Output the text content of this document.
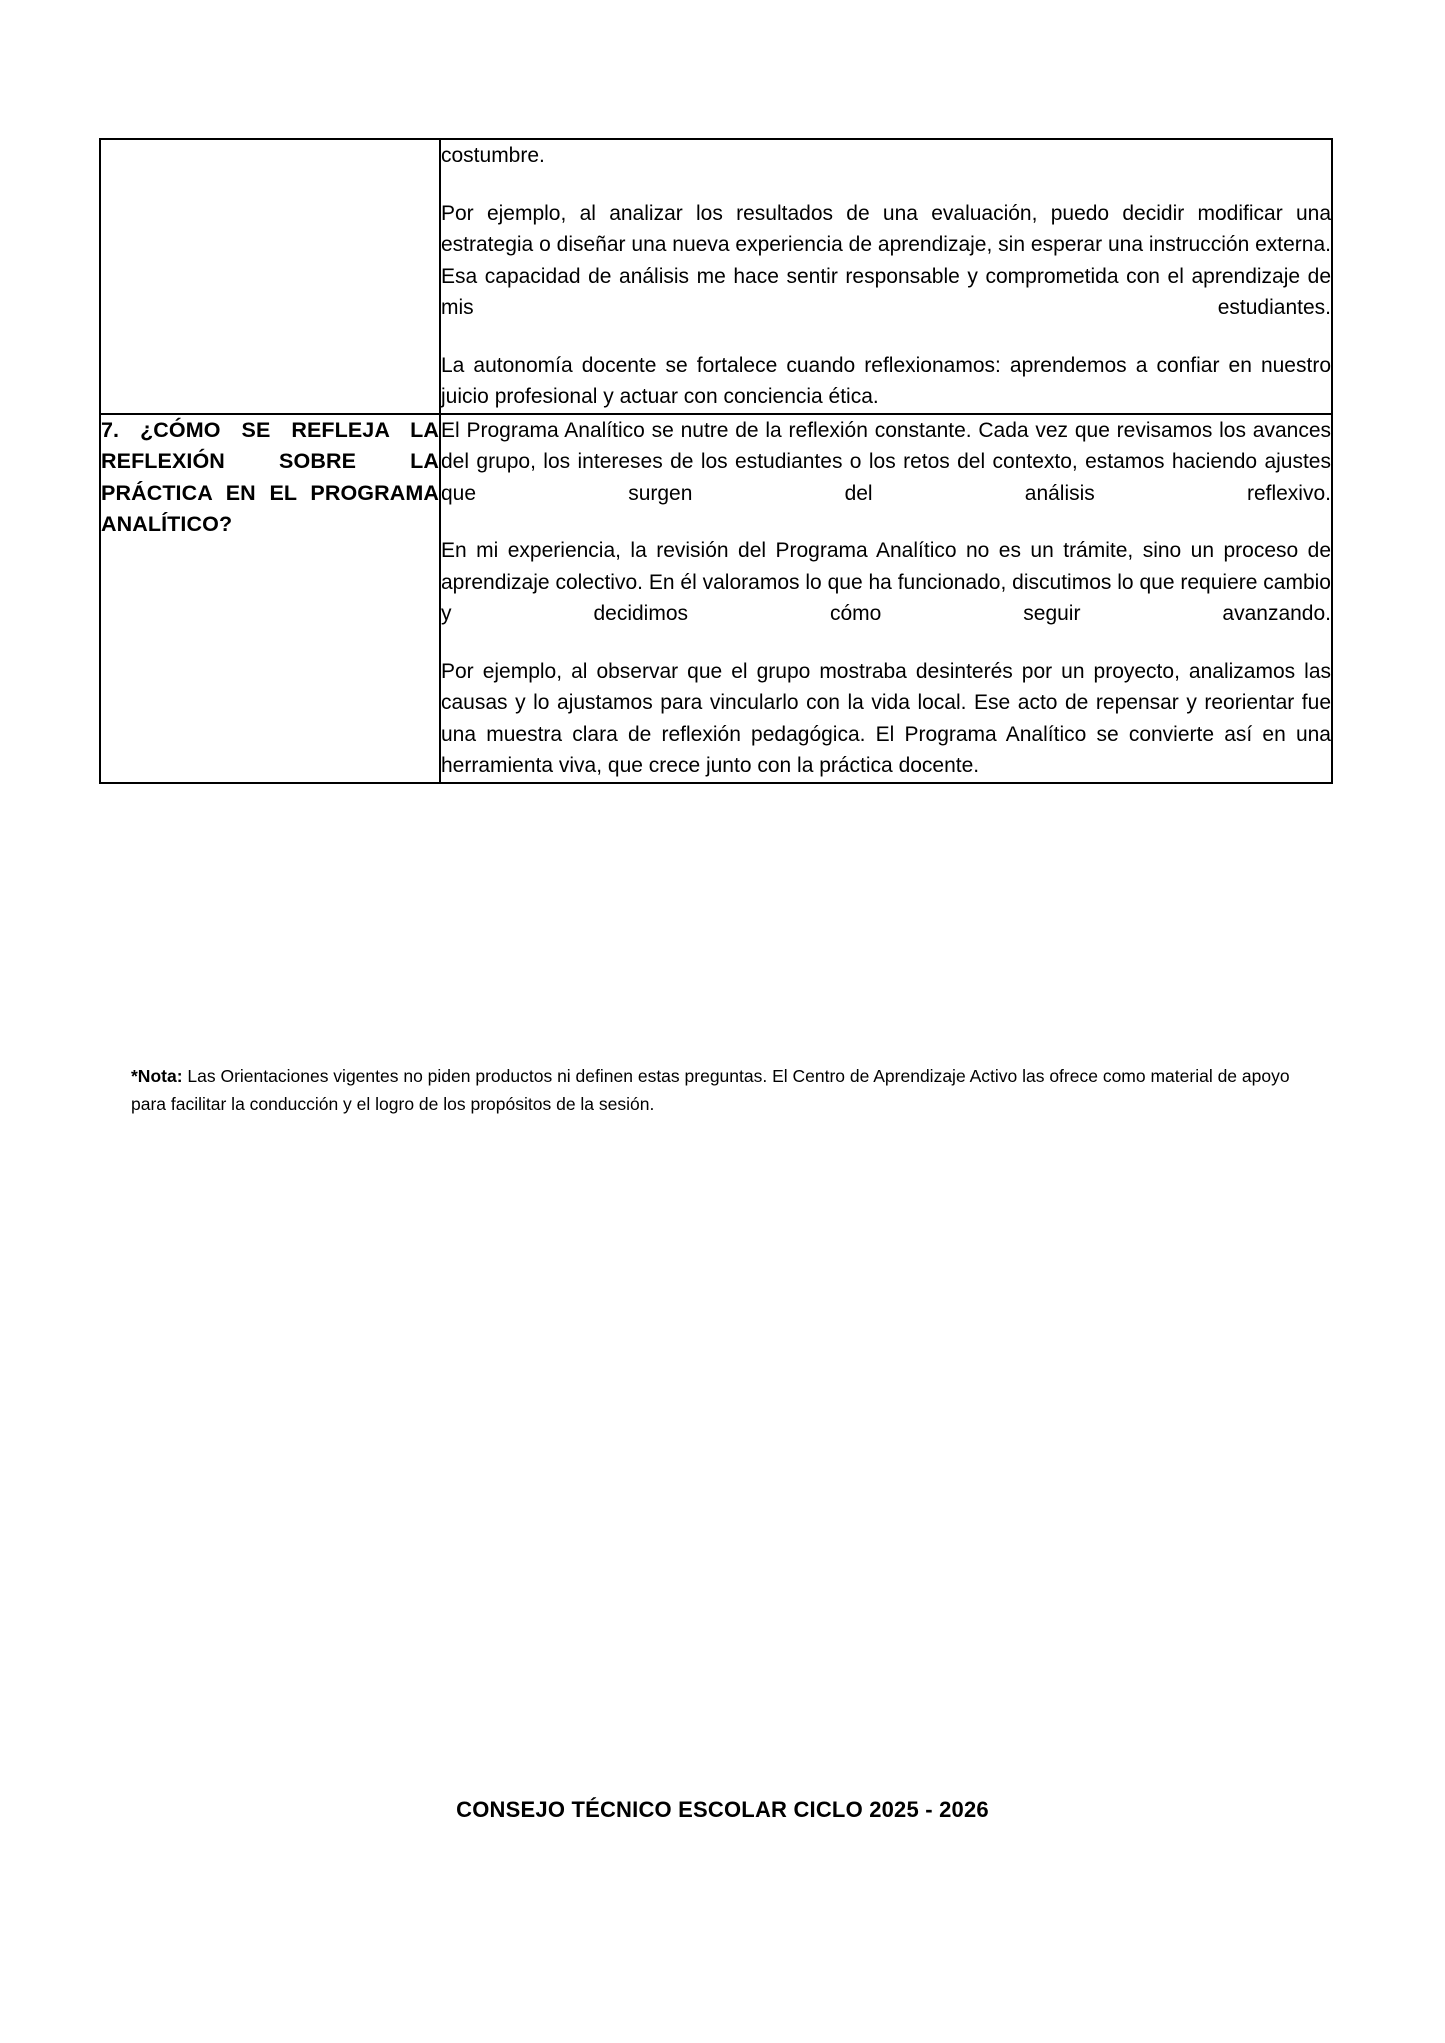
	costumbre.

Por ejemplo, al analizar los resultados de una evaluación, puedo decidir modificar una estrategia o diseñar una nueva experiencia de aprendizaje, sin esperar una instrucción externa. Esa capacidad de análisis me hace sentir responsable y comprometida con el aprendizaje de mis estudiantes.

La autonomía docente se fortalece cuando reflexionamos: aprendemos a confiar en nuestro juicio profesional y actuar con conciencia ética.

7. ¿CÓMO SE REFLEJA LA REFLEXIÓN SOBRE LA PRÁCTICA EN EL PROGRAMA ANALÍTICO?	El Programa Analítico se nutre de la reflexión constante. Cada vez que revisamos los avances del grupo, los intereses de los estudiantes o los retos del contexto, estamos haciendo ajustes que surgen del análisis reflexivo.

En mi experiencia, la revisión del Programa Analítico no es un trámite, sino un proceso de aprendizaje colectivo. En él valoramos lo que ha funcionado, discutimos lo que requiere cambio y decidimos cómo seguir avanzando.

Por ejemplo, al observar que el grupo mostraba desinterés por un proyecto, analizamos las causas y lo ajustamos para vincularlo con la vida local. Ese acto de repensar y reorientar fue una muestra clara de reflexión pedagógica. El Programa Analítico se convierte así en una herramienta viva, que crece junto con la práctica docente.

*Nota: Las Orientaciones vigentes no piden productos ni definen estas preguntas. El Centro de Aprendizaje Activo las ofrece como material de apoyo para facilitar la conducción y el logro de los propósitos de la sesión.
CONSEJO TÉCNICO ESCOLAR CICLO 2025 - 2026
